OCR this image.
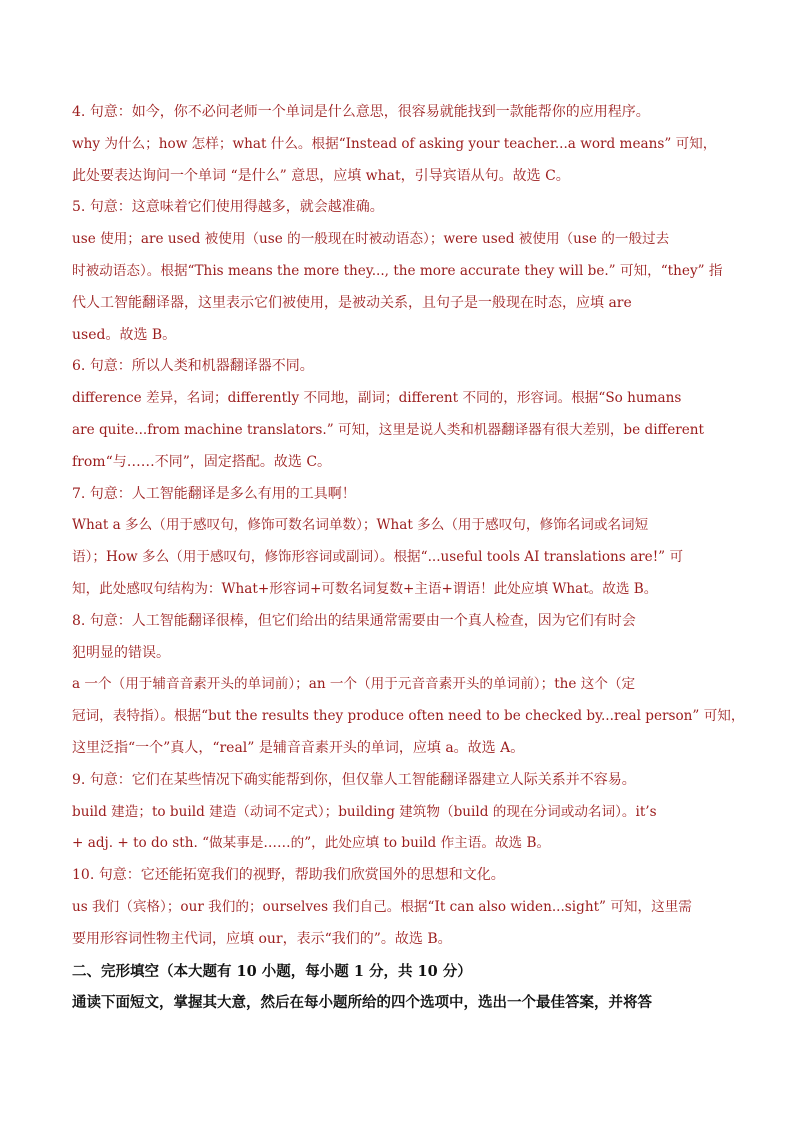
4. 句意：如今，你不必问老师一个单词是什么意思，很容易就能找到一款能帮你的应用程序。
why 为什么；how 怎样；what 什么。根据“Instead of asking your teacher...a word means” 可知，
此处要表达询问一个单词 “是什么” 意思，应填 what，引导宾语从句。故选 C。
5. 句意：这意味着它们使用得越多，就会越准确。
use 使用；are used 被使用（use 的一般现在时被动语态）；were used 被使用（use 的一般过去
时被动语态）。根据“This means the more they..., the more accurate they will be.” 可知，“they” 指
代人工智能翻译器，这里表示它们被使用，是被动关系，且句子是一般现在时态，应填 are
used。故选 B。
6. 句意：所以人类和机器翻译器不同。
difference 差异，名词；differently 不同地，副词；different 不同的，形容词。根据“So humans
are quite...from machine translators.” 可知，这里是说人类和机器翻译器有很大差别，be different
from“与……不同”，固定搭配。故选 C。
7. 句意：人工智能翻译是多么有用的工具啊！
What a 多么（用于感叹句，修饰可数名词单数）；What 多么（用于感叹句，修饰名词或名词短
语）；How 多么（用于感叹句，修饰形容词或副词）。根据“...useful tools AI translations are!” 可
知，此处感叹句结构为：What+形容词+可数名词复数+主语+谓语！此处应填 What。故选 B。
8. 句意：人工智能翻译很棒，但它们给出的结果通常需要由一个真人检查，因为它们有时会
犯明显的错误。
a 一个（用于辅音音素开头的单词前）；an 一个（用于元音音素开头的单词前）；the 这个（定
冠词，表特指）。根据“but the results they produce often need to be checked by...real person” 可知，
这里泛指“一个”真人，“real” 是辅音音素开头的单词，应填 a。故选 A。
9. 句意：它们在某些情况下确实能帮到你，但仅靠人工智能翻译器建立人际关系并不容易。
build 建造；to build 建造（动词不定式）；building 建筑物（build 的现在分词或动名词）。it’s
+ adj. + to do sth. “做某事是……的”，此处应填 to build 作主语。故选 B。
10. 句意：它还能拓宽我们的视野，帮助我们欣赏国外的思想和文化。
us 我们（宾格）；our 我们的；ourselves 我们自己。根据“It can also widen...sight” 可知，这里需
要用形容词性物主代词，应填 our，表示“我们的”。故选 B。
二、完形填空（本大题有 10 小题，每小题 1 分，共 10 分）
通读下面短文，掌握其大意，然后在每小题所给的四个选项中，选出一个最佳答案，并将答
